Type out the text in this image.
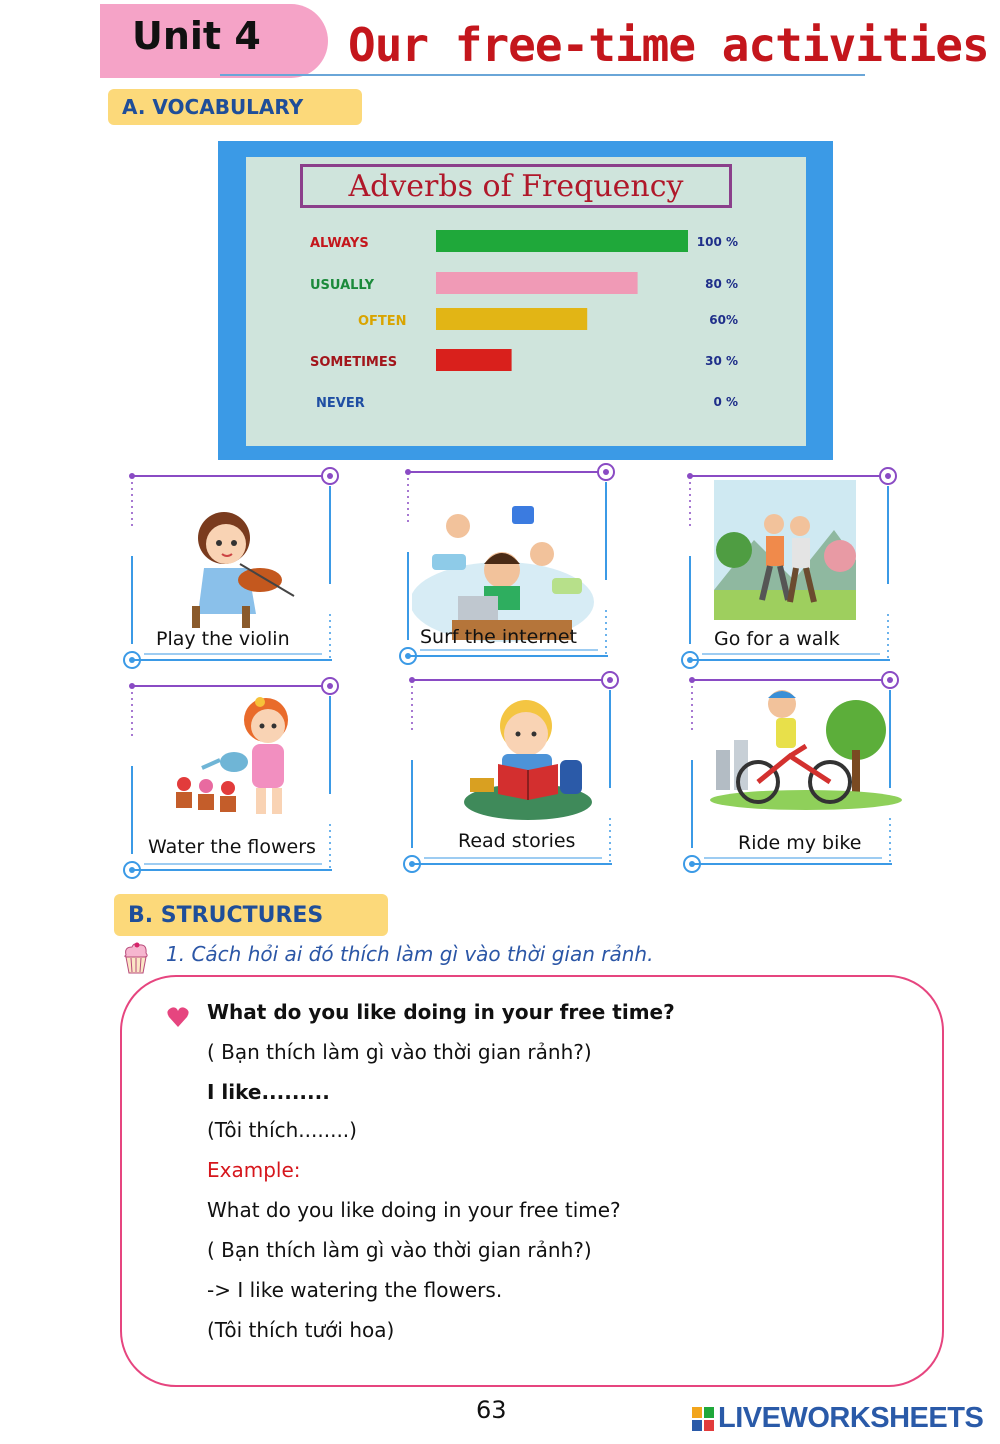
Unit 4 Our free-time activities
A. VOCABULARY
Adverbs of Frequency
ALWAYS	100 %
USUALLY	80 %
OFTEN	60%
SOMETIMES	30 %
NEVER	0 %
Play the violin	Surf the internet	Go for a walk
Water the flowers	Read stories	Ride my bike
B. STRUCTURES
1. Cách hỏi ai đó thích làm gì vào thời gian rảnh.
What do you like doing in your free time?
( Bạn thích làm gì vào thời gian rảnh?)
I like.........
(Tôi thích........)
Example:
What do you like doing in your free time?
( Bạn thích làm gì vào thời gian rảnh?)
-> I like watering the flowers.
(Tôi thích tưới hoa)
63	LIVEWORKSHEETS
